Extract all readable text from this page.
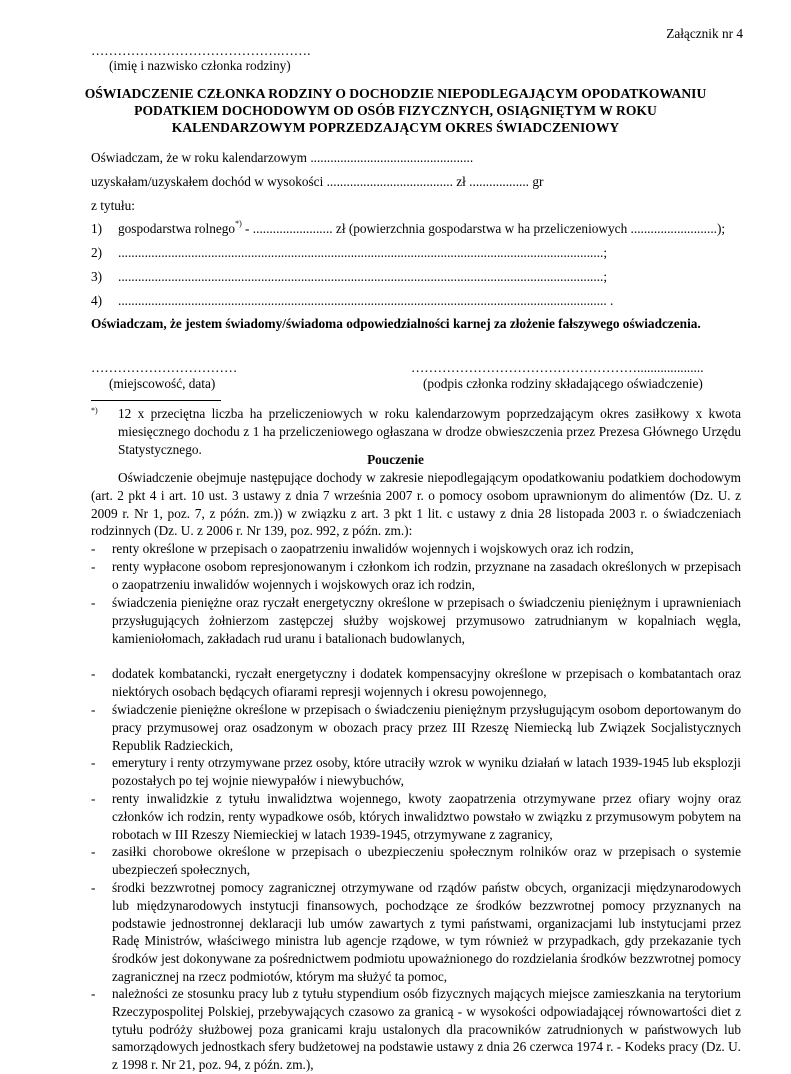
Załącznik nr 4
…………………………………….…….
(imię i nazwisko członka rodziny)
OŚWIADCZENIE CZŁONKA RODZINY O DOCHODZIE NIEPODLEGAJĄCYM OPODATKOWANIU
PODATKIEM DOCHODOWYM OD OSÓB FIZYCZNYCH, OSIĄGNIĘTYM W ROKU
KALENDARZOWYM POPRZEDZAJĄCYM OKRES ŚWIADCZENIOWY
Oświadczam, że w roku kalendarzowym .................................................
uzyskałam/uzyskałem dochód w wysokości ...................................... zł .................. gr
z tytułu:
1) gospodarstwa rolnego*) - ........................ zł (powierzchnia gospodarstwa w ha przeliczeniowych ..........................);
2) ..................................................................................................................................................;
3) ..................................................................................................................................................;
4) ................................................................................................................................................... .
Oświadczam, że jestem świadomy/świadoma odpowiedzialności karnej za złożenie fałszywego oświadczenia.
……………………………
(miejscowość, data)
……………………………………………....................
(podpis członka rodziny składającego oświadczenie)
*) 12 x przeciętna liczba ha przeliczeniowych w roku kalendarzowym poprzedzającym okres zasiłkowy x kwota miesięcznego dochodu z 1 ha przeliczeniowego ogłaszana w drodze obwieszczenia przez Prezesa Głównego Urzędu Statystycznego.
Pouczenie
Oświadczenie obejmuje następujące dochody w zakresie niepodlegającym opodatkowaniu podatkiem dochodowym (art. 2 pkt 4 i art. 10 ust. 3 ustawy z dnia 7 września 2007 r. o pomocy osobom uprawnionym do alimentów (Dz. U. z 2009 r. Nr 1, poz. 7, z późn. zm.)) w związku z art. 3 pkt 1 lit. c ustawy z dnia 28 listopada 2003 r. o świadczeniach rodzinnych (Dz. U. z 2006 r. Nr 139, poz. 992, z późn. zm.):
- renty określone w przepisach o zaopatrzeniu inwalidów wojennych i wojskowych oraz ich rodzin,
- renty wypłacone osobom represjonowanym i członkom ich rodzin, przyznane na zasadach określonych w przepisach o zaopatrzeniu inwalidów wojennych i wojskowych oraz ich rodzin,
- świadczenia pieniężne oraz ryczałt energetyczny określone w przepisach o świadczeniu pieniężnym i uprawnieniach przysługujących żołnierzom zastępczej służby wojskowej przymusowo zatrudnianym w kopalniach węgla, kamieniołomach, zakładach rud uranu i batalionach budowlanych,
- dodatek kombatancki, ryczałt energetyczny i dodatek kompensacyjny określone w przepisach o kombatantach oraz niektórych osobach będących ofiarami represji wojennych i okresu powojennego,
- świadczenie pieniężne określone w przepisach o świadczeniu pieniężnym przysługującym osobom deportowanym do pracy przymusowej oraz osadzonym w obozach pracy przez III Rzeszę Niemiecką lub Związek Socjalistycznych Republik Radzieckich,
- emerytury i renty otrzymywane przez osoby, które utraciły wzrok w wyniku działań w latach 1939-1945 lub eksplozji pozostałych po tej wojnie niewypałów i niewybuchów,
- renty inwalidzkie z tytułu inwalidztwa wojennego, kwoty zaopatrzenia otrzymywane przez ofiary wojny oraz członków ich rodzin, renty wypadkowe osób, których inwalidztwo powstało w związku z przymusowym pobytem na robotach w III Rzeszy Niemieckiej w latach 1939-1945, otrzymywane z zagranicy,
- zasiłki chorobowe określone w przepisach o ubezpieczeniu społecznym rolników oraz w przepisach o systemie ubezpieczeń społecznych,
- środki bezzwrotnej pomocy zagranicznej otrzymywane od rządów państw obcych, organizacji międzynarodowych lub międzynarodowych instytucji finansowych, pochodzące ze środków bezzwrotnej pomocy przyznanych na podstawie jednostronnej deklaracji lub umów zawartych z tymi państwami, organizacjami lub instytucjami przez Radę Ministrów, właściwego ministra lub agencje rządowe, w tym również w przypadkach, gdy przekazanie tych środków jest dokonywane za pośrednictwem podmiotu upoważnionego do rozdzielania środków bezzwrotnej pomocy zagranicznej na rzecz podmiotów, którym ma służyć ta pomoc,
- należności ze stosunku pracy lub z tytułu stypendium osób fizycznych mających miejsce zamieszkania na terytorium Rzeczypospolitej Polskiej, przebywających czasowo za granicą - w wysokości odpowiadającej równowartości diet z tytułu podróży służbowej poza granicami kraju ustalonych dla pracowników zatrudnionych w państwowych lub samorządowych jednostkach sfery budżetowej na podstawie ustawy z dnia 26 czerwca 1974 r. - Kodeks pracy (Dz. U. z 1998 r. Nr 21, poz. 94, z późn. zm.),
